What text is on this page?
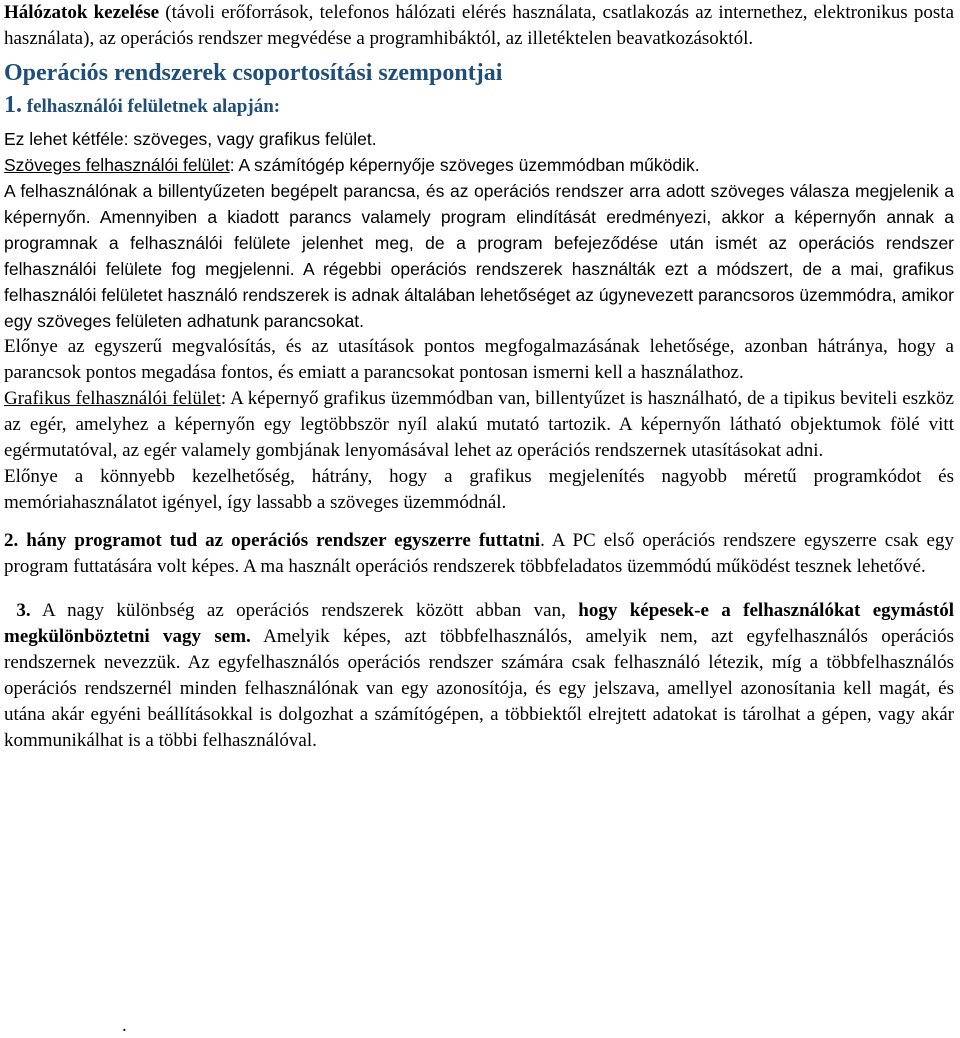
Hálózatok kezelése (távoli erőforrások, telefonos hálózati elérés használata, csatlakozás az internethez, elektronikus posta használata), az operációs rendszer megvédése a programhibáktól, az illetéktelen beavatkozásoktól.

Operációs rendszerek csoportosítási szempontjai
1. felhasználói felületnek alapján:

Ez lehet kétféle: szöveges, vagy grafikus felület.

Szöveges felhasználói felület: A számítógép képernyője szöveges üzemmódban működik.

A felhasználónak a billentyűzeten begépelt parancsa, és az operációs rendszer arra adott szöveges válasza megjelenik a képernyőn. Amennyiben a kiadott parancs valamely program elindítását eredményezi, akkor a képernyőn annak a programnak a felhasználói felülete jelenhet meg, de a program befejeződése után ismét az operációs rendszer felhasználói felülete fog megjelenni. A régebbi operációs rendszerek használták ezt a módszert, de a mai, grafikus felhasználói felületet használó rendszerek is adnak általában lehetőséget az úgynevezett parancsoros üzemmódra, amikor egy szöveges felületen adhatunk parancsokat.

Előnye az egyszerű megvalósítás, és az utasítások pontos megfogalmazásának lehetősége, azonban hátránya, hogy a parancsok pontos megadása fontos, és emiatt a parancsokat pontosan ismerni kell a használathoz.

Grafikus felhasználói felület: A képernyő grafikus üzemmódban van, billentyűzet is használható, de a tipikus beviteli eszköz az egér, amelyhez a képernyőn egy legtöbbször nyíl alakú mutató tartozik. A képernyőn látható objektumok fölé vitt egérmutatóval, az egér valamely gombjának lenyomásával lehet az operációs rendszernek utasításokat adni.

Előnye a könnyebb kezelhetőség, hátrány, hogy a grafikus megjelenítés nagyobb méretű programkódot és memóriahasználatot igényel, így lassabb a szöveges üzemmódnál.

2. hány programot tud az operációs rendszer egyszerre futtatni. A PC első operációs rendszere egyszerre csak egy program futtatására volt képes. A ma használt operációs rendszerek többfeladatos üzemmódú működést tesznek lehetővé.

3. A nagy különbség az operációs rendszerek között abban van, hogy képesek-e a felhasználókat egymástól megkülönböztetni vagy sem. Amelyik képes, azt többfelhasználós, amelyik nem, azt egyfelhasználós operációs rendszernek nevezzük. Az egyfelhasználós operációs rendszer számára csak felhasználó létezik, míg a többfelhasználós operációs rendszernél minden felhasználónak van egy azonosítója, és egy jelszava, amellyel azonosítania kell magát, és utána akár egyéni beállításokkal is dolgozhat a számítógépen, a többiektől elrejtett adatokat is tárolhat a gépen, vagy akár kommunikálhat is a többi felhasználóval.

.
